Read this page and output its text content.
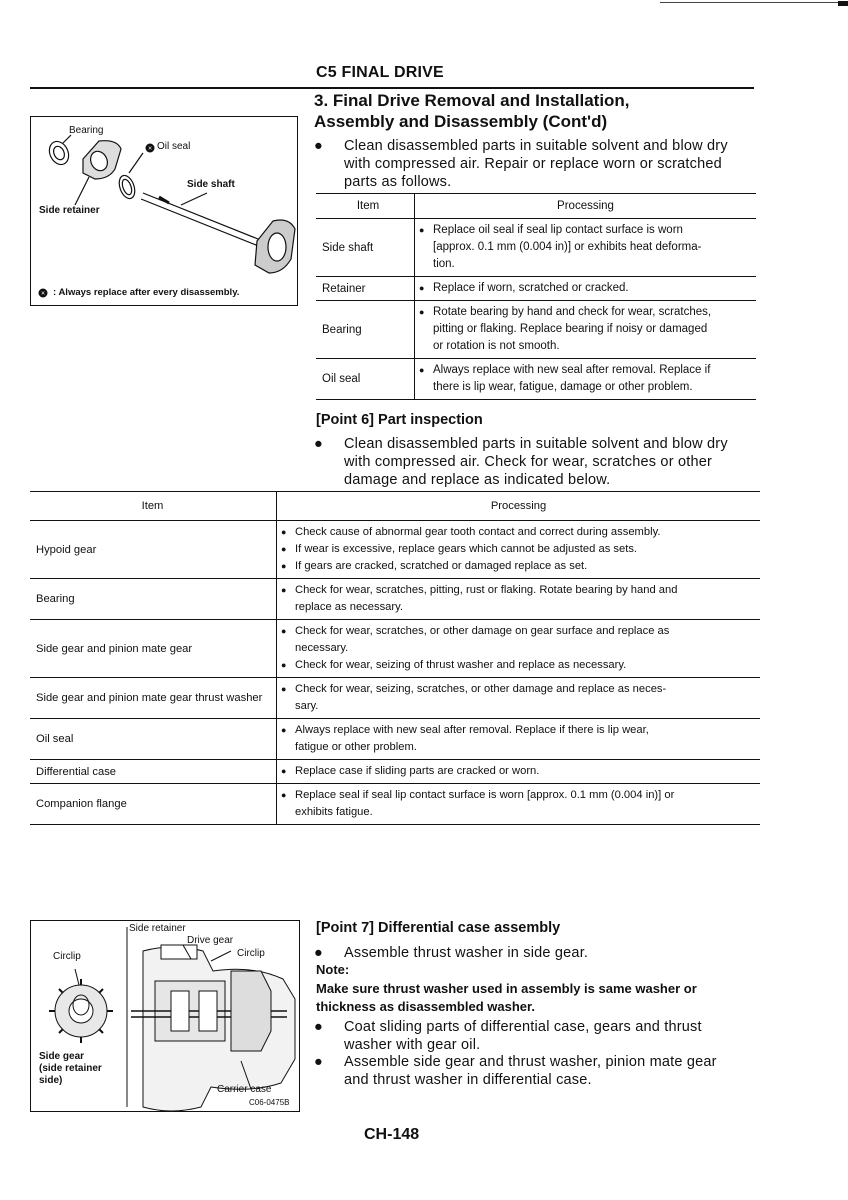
C5 FINAL DRIVE
3. Final Drive Removal and Installation,
Assembly and Disassembly (Cont'd)
×
×
Bearing
Oil seal
Side shaft
Side retainer
: Always replace after every disassembly.
●	Clean disassembled parts in suitable solvent and blow dry
with compressed air. Repair or replace worn or scratched
parts as follows.
Item	Processing
Side shaft	● Replace oil seal if seal lip contact surface is worn
[approx. 0.1 mm (0.004 in)] or exhibits heat deforma-
tion.

Retainer	● Replace if worn, scratched or cracked.

Bearing	● Rotate bearing by hand and check for wear, scratches,
pitting or flaking. Replace bearing if noisy or damaged
or rotation is not smooth.

Oil seal	● Always replace with new seal after removal. Replace if
there is lip wear, fatigue, damage or other problem.
[Point 6] Part inspection
●	Clean disassembled parts in suitable solvent and blow dry
with compressed air. Check for wear, scratches or other
damage and replace as indicated below.
Item	Processing
Hypoid gear	● Check cause of abnormal gear tooth contact and correct during assembly.
● If wear is excessive, replace gears which cannot be adjusted as sets.
● If gears are cracked, scratched or damaged replace as set.

Bearing	● Check for wear, scratches, pitting, rust or flaking. Rotate bearing by hand and
replace as necessary.

Side gear and pinion mate gear	● Check for wear, scratches, or other damage on gear surface and replace as
necessary.
● Check for wear, seizing of thrust washer and replace as necessary.

Side gear and pinion mate gear thrust washer	● Check for wear, seizing, scratches, or other damage and replace as neces-
sary.

Oil seal	● Always replace with new seal after removal. Replace if there is lip wear,
fatigue or other problem.

Differential case	● Replace case if sliding parts are cracked or worn.

Companion flange	● Replace seal if seal lip contact surface is worn [approx. 0.1 mm (0.004 in)] or
exhibits fatigue.
Side retainer
Drive gear
Circlip	Circlip
Side gear
(side retainer
side)
Carrier case
C06-0475B
[Point 7] Differential case assembly
●	Assemble thrust washer in side gear.
Note:
Make sure thrust washer used in assembly is same washer or
thickness as disassembled washer.
●	Coat sliding parts of differential case, gears and thrust
washer with gear oil.
●	Assemble side gear and thrust washer, pinion mate gear
and thrust washer in differential case.
CH-148
